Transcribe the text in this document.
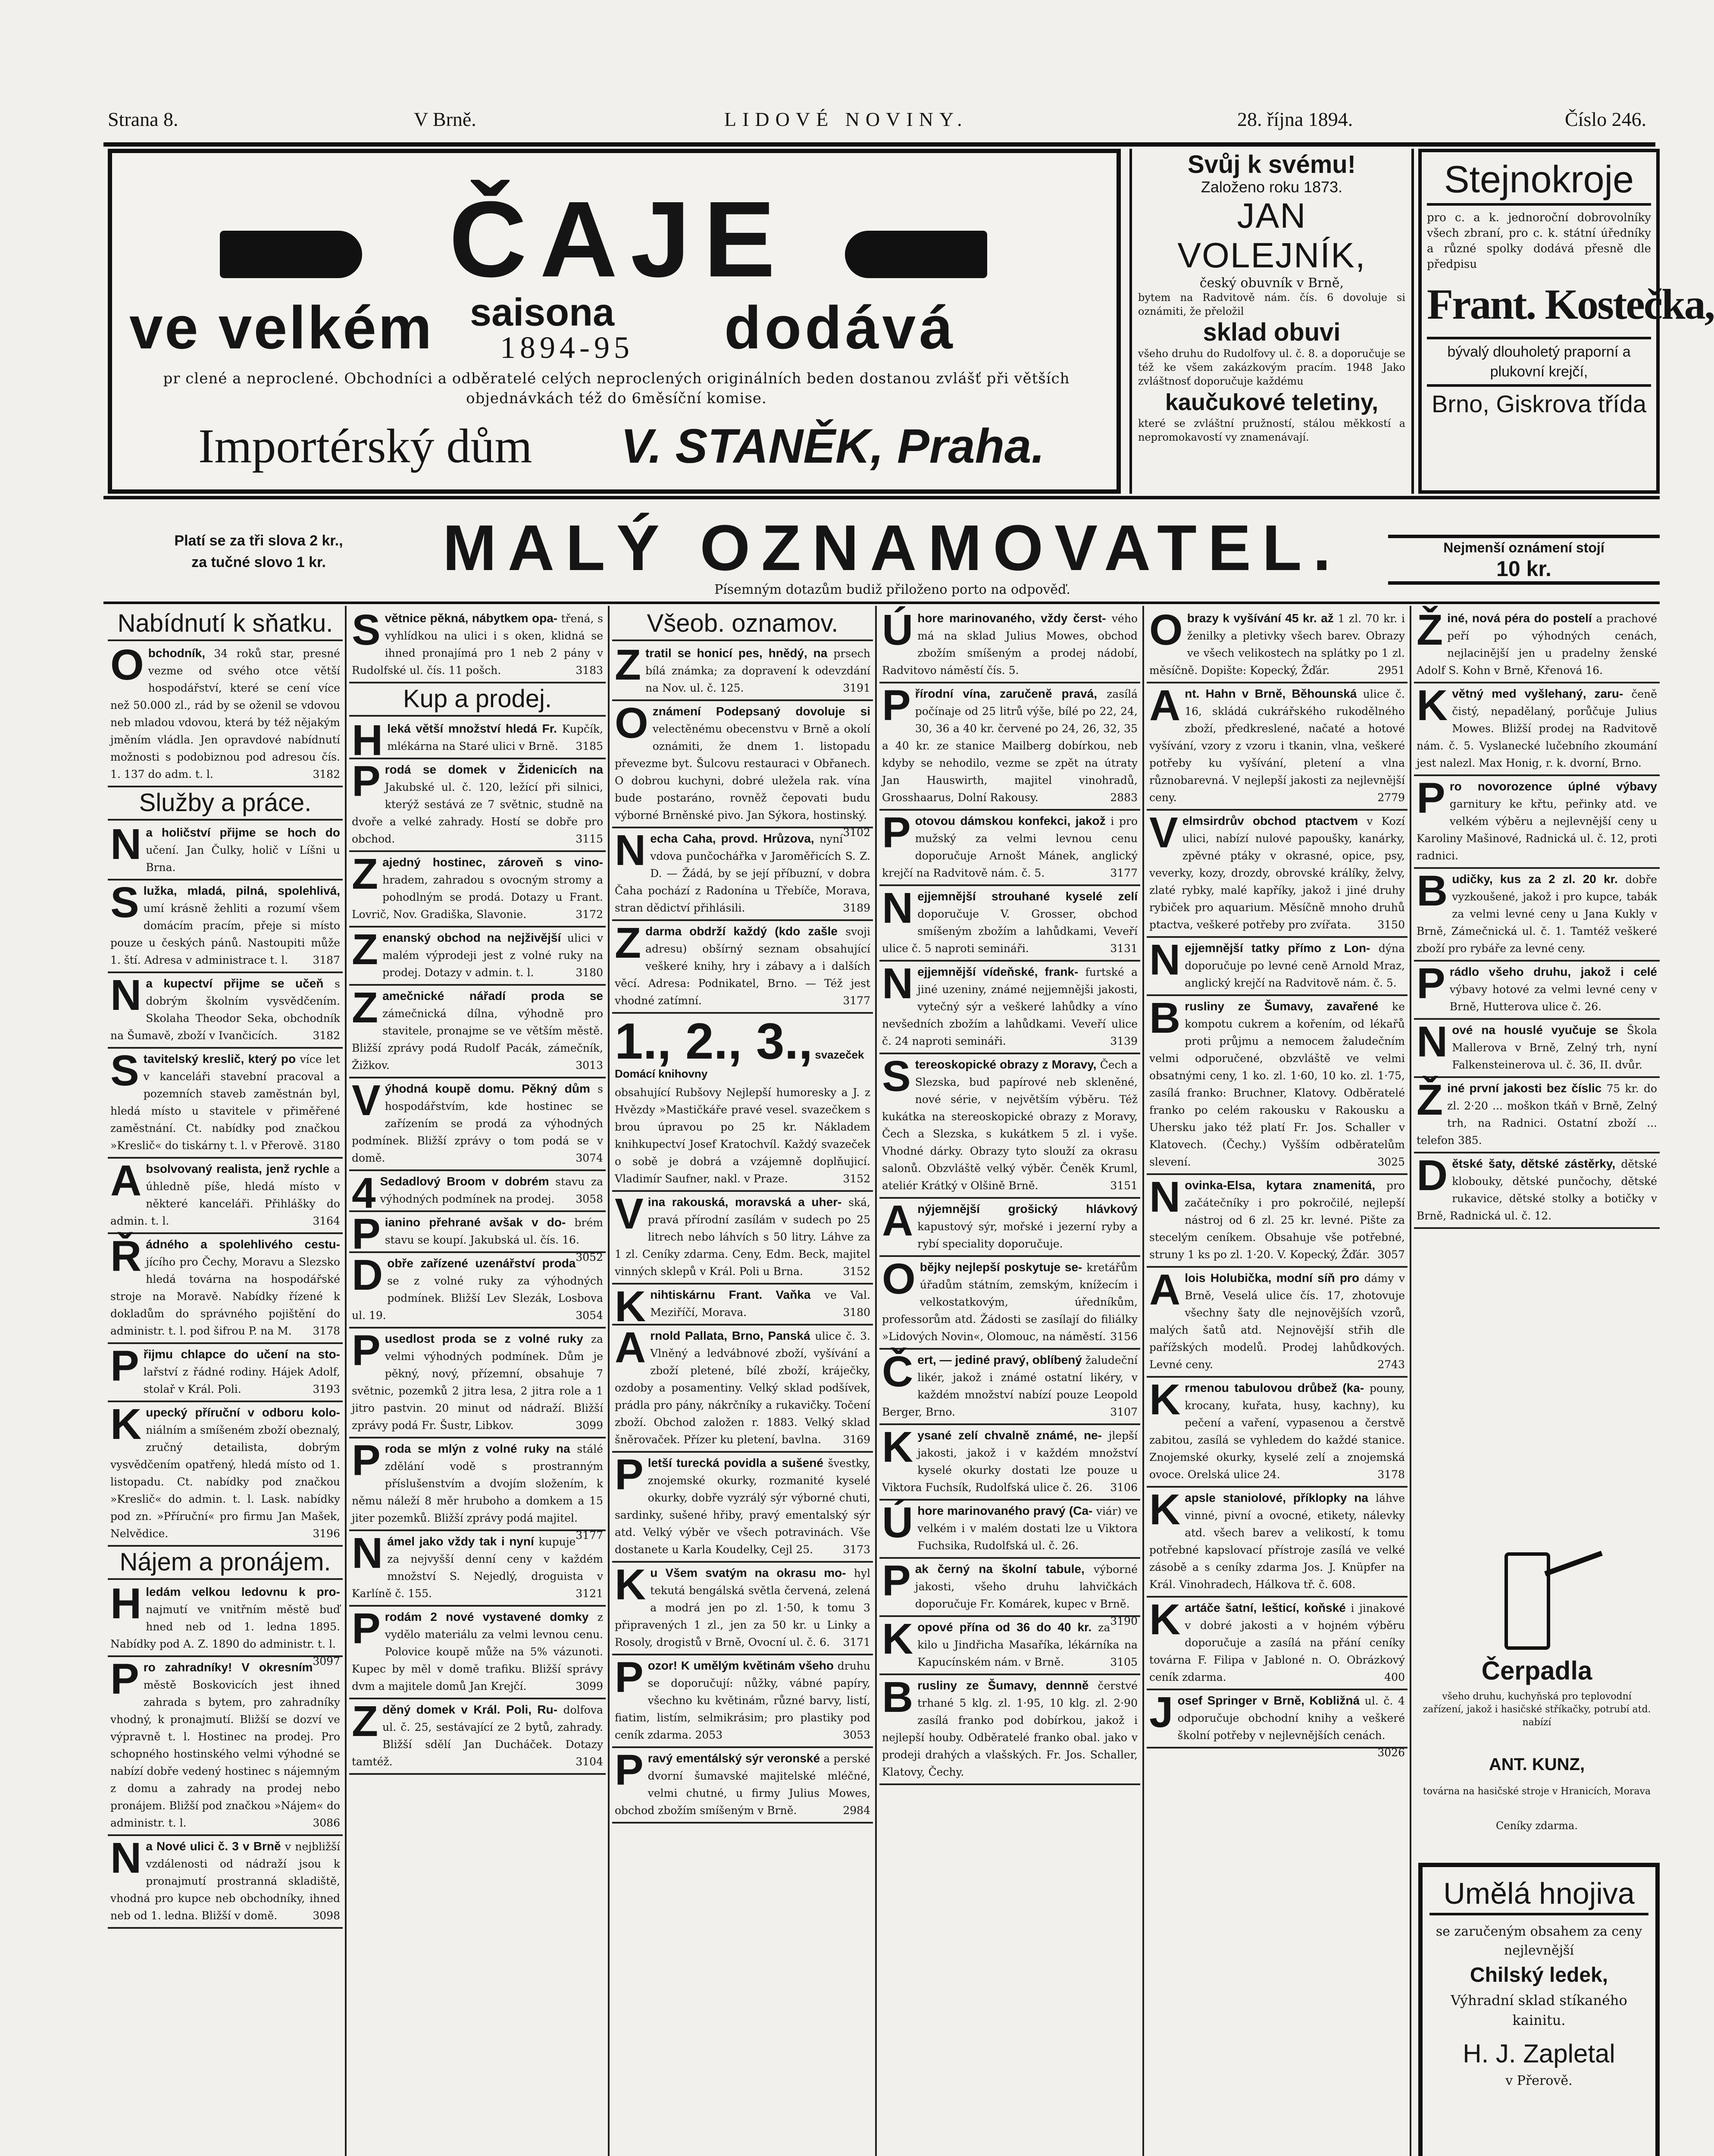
Strana 8.	V Brně.	LIDOVÉ NOVINY.	28. října 1894.	Číslo 246.
ČAJE
ve velkém saisona
1894-95	dodává
pr clené a neproclené. Obchodníci a odběratelé celých neproclených originálních beden dostanou zvlášť při větších objednávkách též do 6měsíční komise.
Importérský dům	V. STANĚK, Praha.
Svůj k svému!
Založeno roku 1873.
JAN VOLEJNÍK,
český obuvník v Brně,
bytem na Radvitově nám. čís. 6 dovoluje si oznámiti, že přeložil
sklad obuvi
všeho druhu do Rudolfovy ul. č. 8. a doporučuje se též ke všem zakázkovým pracím. 1948 Jako zvláštnosť doporučuje každému
kaučukové teletiny,
které se zvláštní pružností, stálou měkkostí a nepromokavostí vy znamenávají.
Stejnokroje
pro c. a k. jednoroční dobrovolníky všech zbraní, pro c. k. státní úředníky a různé spolky dodává přesně dle předpisu
Frant. Kostečka,
bývalý dlouholetý praporní a plukovní krejčí,
Brno, Giskrova třída
Platí se za tři slova 2 kr.,
za tučné slovo 1 kr.	MALÝ OZNAMOVATEL.	Nejmenší oznámení stojí
10 kr.
Písemným dotazům budiž přiloženo porto na odpověď.
Nabídnutí k sňatku.
Obchodník, 34 roků star, presné vezme od svého otce větší hospodářství, které se cení více než 50.000 zl., rád by se oženil se vdovou neb mladou vdovou, která by též nějakým jměním vládla. Jen opravdové nabídnutí možnosti s podobiznou pod adresou čís. 1. 137 do adm. t. l.	3182
Služby a práce.
Na holičství přijme se hoch do učení. Jan Čulky, holič v Líšni u Brna.
Služka, mladá, pilná, spolehlivá, umí krásně žehliti a rozumí všem domácím pracím, přeje si místo pouze u českých pánů. Nastoupiti může 1. ští. Adresa v administrace t. l. 3187
Na kupectví přijme se učeň s dobrým školním vysvědčením. Skolaha Theodor Seka, obchodník na Šumavě, zboží v Ivančicích.	3182
Stavitelský kreslič, který po více let v kanceláři stavební pracoval a pozemních staveb zaměstnán byl, hledá místo u stavitele v přiměřené zaměstnání. Ct. nabídky pod značkou »Kreslič« do tiskárny t. l. v Přerově. 3180
Absolvovaný realista, jenž rychle a úhledně píše, hledá místo v některé kanceláři. Přihlášky do admin. t. l.	3164
Řádného a spolehlivého cestu- jícího pro Čechy, Moravu a Slezsko hledá továrna na hospodářské stroje na Moravě. Nabídky řízené k dokladům do správného pojištění do administr. t. l. pod šifrou P. na M. 3178
Přijmu chlapce do učení na sto- lařství z řádné rodiny. Hájek Adolf, stolař v Král. Poli.	3193
Kupecký příruční v odboru kolo- niálním a smíšeném zboží obeznalý, zručný detailista, dobrým vysvědčením opatřený, hledá místo od 1. listopadu. Ct. nabídky pod značkou »Kreslič« do admin. t. l. Lask. nabídky pod zn. »Příruční« pro firmu Jan Mašek, Nelvědice.	3196
Nájem a pronájem.
Hledám velkou ledovnu k pro- najmutí ve vnitřním městě buď hned neb od 1. ledna 1895. Nabídky pod A. Z. 1890 do administr. t. l.
3097
Pro zahradníky! V okresním městě Boskovicích jest ihned zahrada s bytem, pro zahradníky vhodný, k pronajmutí. Bližší se dozví ve výpravně t. l. Hostinec na prodej. Pro schopného hostinského velmi výhodné se nabízí dobře vedený hostinec s nájemným z domu a zahrady na prodej nebo pronájem. Bližší pod značkou »Nájem« do administr. t. l.	3086
Na Nové ulici č. 3 v Brně v nejbližší vzdálenosti od nádraží jsou k pronajmutí prostranná skladiště, vhodná pro kupce neb obchodníky, ihned neb od 1. ledna. Bližší v domě.	3098
Světnice pěkná, nábytkem opa- třená, s vyhlídkou na ulici i s oken, klidná se ihned pronajímá pro 1 neb 2 pány v Rudolfské ul. čís. 11 pošch.	3183
Kup a prodej.
Hleká větší množství hledá Fr. Kupčík, mlékárna na Staré ulici v Brně. 3185
Prodá se domek v Židenicích na Jakubské ul. č. 120, ležící při silnici, kterýž sestává ze 7 světnic, studně na dvoře a velké zahrady. Hostí se dobře pro obchod.	3115
Zajedný hostinec, zároveň s vino- hradem, zahradou s ovocným stromy a pohodlným se prodá. Dotazy u Frant. Lovrič, Nov. Gradiška, Slavonie.	3172
Zenanský obchod na nejživější ulici v malém výprodeji jest z volné ruky na prodej. Dotazy v admin. t. l.	3180
Zamečnické nářadí proda se zámečnická dílna, výhodně pro stavitele, pronajme se ve větším městě. Bližší zprávy podá Rudolf Pacák, zámečník, Žižkov.	3013
Výhodná koupě domu. Pěkný dům s hospodářstvím, kde hostinec se zařízením se prodá za výhodných podmínek. Bližší zprávy o tom podá se v domě.	3074
4 Sedadlový Broom v dobrém stavu za výhodných podmínek na prodej. 3058
Pianino přehrané avšak v do- brém stavu se koupí. Jakubská ul. čís. 16.
3052
Dobře zařízené uzenářství proda se z volné ruky za výhodných podmínek. Bližší Lev Slezák, Losbova ul. 19.	3054
Pusedlost proda se z volné ruky za velmi výhodných podmínek. Dům je pěkný, nový, přízemní, obsahuje 7 světnic, pozemků 2 jitra lesa, 2 jitra role a 1 jitro pastvin. 20 minut od nádraží. Bližší zprávy podá Fr. Šustr, Libkov.	3099
Proda se mlýn z volné ruky na stálé zdělání vodě s prostranným příslušenstvím a dvojím složením, k němu náleží 8 měr hruboho a domkem a 15 jiter pozemků. Bližší zprávy podá majitel.
3177
Námel jako vždy tak i nyní kupuje za nejvyšší denní ceny v každém množství S. Nejedlý, droguista v Karlíně č. 155.	3121
Prodám 2 nové vystavené domky z vydělo materiálu za velmi levnou cenu. Polovice koupě může na 5% vázunoti. Kupec by měl v domě trafiku. Bližší správy dvm a majitele domů Jan Krejčí.	3099
Zděný domek v Král. Poli, Ru- dolfova ul. č. 25, sestávající ze 2 bytů, zahrady. Bližší sdělí Jan Ducháček. Dotazy tamtéž.	3104
Všeob. oznamov.
Ztratil se honicí pes, hnědý, na prsech bílá známka; za dopravení k odevzdání na Nov. ul. č. 125.	3191
Oznámení Podepsaný dovoluje si velectěnému obecenstvu v Brně a okolí oznámiti, že dnem 1. listopadu převezme byt. Šulcovu restauraci v Obřanech. O dobrou kuchyni, dobré uležela rak. vína bude postaráno, rovněž čepovati budu výborné Brněnské pivo. Jan Sýkora, hostinský.
3102
Necha Caha, provd. Hrůzova, nyní vdova punčochářka v Jaroměřicích S. Z. D. — Žádá, by se její příbuzní, v dobra Čaha pochází z Radonína u Třebíče, Morava, stran dědictví přihlásili.	3189
Zdarma obdrží každý (kdo zašle svoji adresu) obšírný seznam obsahující veškeré knihy, hry i zábavy a i dalších věcí. Adresa: Podnikatel, Brno. — Též jest vhodné zatímní.	3177
1., 2., 3., svazeček Domácí knihovny
obsahující Rubšovy Nejlepší humoresky a J. z Hvězdy »Mastičkáře pravé vesel. svazečkem s brou úpravou po 25 kr. Nákladem knihkupectví Josef Kratochvíl. Každý svazeček o sobě je dobrá a vzájemně doplňujicí. Vladimír Saufner, nakl. v Praze.	3152
Vina rakouská, moravská a uher- ská, pravá přírodní zasílám v sudech po 25 litrech nebo láhvích s 50 litry. Láhve za 1 zl. Ceníky zdarma. Ceny, Edm. Beck, majitel vinných sklepů v Král. Poli u Brna.	3152
Knihtiskárnu Frant. Vaňka ve Val. Meziříčí, Morava.	3180
Arnold Pallata, Brno, Panská ulice č. 3. Vlněný a ledvábnové zboží, vyšívání a zboží pletené, bílé zboží, kráječky, ozdoby a posamentiny. Velký sklad podšívek, prádla pro pány, nákrčníky a rukavičky. Točení zboží. Obchod založen r. 1883. Velký sklad šněrovaček. Přízer ku pletení, bavlna. 3169
Pletší turecká povidla a sušené švestky, znojemské okurky, rozmanité kyselé okurky, dobře vyzrálý sýr výborné chuti, sardinky, sušené hřiby, pravý ementalský sýr atd. Velký výběr ve všech potravinách. Vše dostanete u Karla Koudelky, Cejl 25.	3173
Ku Všem svatým na okrasu mo- hyl tekutá bengálská světla červená, zelená a modrá jen po zl. 1·50, k tomu 3 připravených 1 zl., jen za 50 kr. u Linky a Rosoly, drogistů v Brně, Ovocní ul. č. 6. 3171
Pozor! K umělým květinám všeho druhu se doporučují: nůžky, vábné papíry, všechno ku květinám, různé barvy, listí, fiatim, listím, selmikrásim; pro plastiky pod ceník zdarma. 2053	3053
Pravý ementálský sýr veronské a perské dvorní šumavské majitelské mléčné, velmi chutné, u firmy Julius Mowes, obchod zbožím smíšeným v Brně.	2984
Úhore marinovaného, vždy čerst- vého má na sklad Julius Mowes, obchod zbožím smíšeným a prodej nádobí, Radvitovo náměstí čís. 5.
Přírodní vína, zaručeně pravá, zasílá počínaje od 25 litrů výše, bílé po 22, 24, 30, 36 a 40 kr. červené po 24, 26, 32, 35 a 40 kr. ze stanice Mailberg dobírkou, neb kdyby se nehodilo, vezme se zpět na útraty Jan Hauswirth, majitel vinohradů, Grosshaarus, Dolní Rakousy.	2883
Potovou dámskou konfekci, jakož i pro mužský za velmi levnou cenu doporučuje Arnošt Mánek, anglický krejčí na Radvitově nám. č. 5.	3177
Nejjemnější strouhané kyselé zelí doporučuje V. Grosser, obchod smíšeným zbožím a lahůdkami, Veveří ulice č. 5 naproti semináři.	3131
Nejjemnější vídeňské, frank- furtské a jiné uzeniny, známé nejjemnějši jakosti, vytečný sýr a veškeré lahůdky a víno nevšedních zbožím a lahůdkami. Veveří ulice č. 24 naproti semináři.	3139
Stereoskopické obrazy z Moravy, Čech a Slezska, bud papírové neb skleněné, nové série, v největším výběru. Též kukátka na stereoskopické obrazy z Moravy, Čech a Slezska, s kukátkem 5 zl. i vyše. Vhodné dárky. Obrazy tyto slouží za okrasu salonů. Obzvláště velký výběr. Čeněk Kruml, ateliér Krátký v Olšině Brně.	3151
Anýjemnější grošický hlávkový kapustový sýr, mořské i jezerní ryby a rybí speciality doporučuje.
Obějky nejlepší poskytuje se- kretářům úřadům státním, zemským, knížecím i velkostatkovým, úředníkům, professorům atd. Žádosti se zasílají do filiálky »Lidových Novin«, Olomouc, na náměstí. 3156
Čert, — jediné pravý, oblíbený žaludeční likér, jakož i známé ostatní likéry, v každém množství nabízí pouze Leopold Berger, Brno.	3107
Kysané zelí chvalně známé, ne- jlepší jakosti, jakož i v každém množství kyselé okurky dostati lze pouze u Viktora Fuchsík, Rudolfská ulice č. 26. 3106
Úhore marinovaného pravý (Ca- viár) ve velkém i v malém dostati lze u Viktora Fuchsika, Rudolfská ul. č. 26.
Pak černý na školní tabule, výborné jakosti, všeho druhu lahvičkách doporučuje Fr. Komárek, kupec v Brně.
3190
Kopové přína od 36 do 40 kr. za kilo u Jindřicha Masaříka, lékárníka na Kapucínském nám. v Brně.	3105
Brusliny ze Šumavy, dennně čerstvé trhané 5 klg. zl. 1·95, 10 klg. zl. 2·90 zasílá franko pod dobírkou, jakož i nejlepší houby. Odběratelé franko obal. jako v prodeji drahých a vlašských. Fr. Jos. Schaller, Klatovy, Čechy.
Obrazy k vyšívání 45 kr. až 1 zl. 70 kr. i ženilky a pletivky všech barev. Obrazy ve všech velikostech na splátky po 1 zl. měsíčně. Dopište: Kopecký, Žďár.	2951
Ant. Hahn v Brně, Běhounská ulice č. 16, skládá cukrářského rukodělného zboží, předkreslené, načaté a hotové vyšívání, vzory z vzoru i tkanin, vlna, veškeré potřeby ku vyšívání, pletení a vlna různobarevná. V nejlepší jakosti za nejlevnější ceny.	2779
Velmsirdrův obchod ptactvem v Kozí ulici, nabízí nulové papoušky, kanárky, zpěvné ptáky v okrasné, opice, psy, veverky, kozy, drozdy, obrovské králíky, želvy, zlaté rybky, malé kapříky, jakož i jiné druhy rybiček pro aquarium. Měsíčně mnoho druhů ptactva, veškeré potřeby pro zvířata. 3150
Nejjemnější tatky přímo z Lon- dýna doporučuje po levné ceně Arnold Mraz, anglický krejčí na Radvitově nám. č. 5.
Brusliny ze Šumavy, zavařené ke kompotu cukrem a kořením, od lékařů proti průjmu a nemocem žaludečním velmi odporučené, obzvláště ve velmi obsatnými ceny, 1 ko. zl. 1·60, 10 ko. zl. 1·75, zasílá franko: Bruchner, Klatovy. Odběratelé franko po celém rakousku v Rakousku a Uhersku jako též platí Fr. Jos. Schaller v Klatovech. (Čechy.) Vyšším odběratelům slevení.	3025
Novinka-Elsa, kytara znamenitá, pro začátečníky i pro pokročilé, nejlepší nástroj od 6 zl. 25 kr. levné. Pište za stecelým ceníkem. Obsahuje vše potřebné, struny 1 ks po zl. 1·20. V. Kopecký, Žďár. 3057
Alois Holubička, modní síň pro dámy v Brně, Veselá ulice čís. 17, zhotovuje všechny šaty dle nejnovějších vzorů, malých šatů atd. Nejnovější střih dle pařížských modelů. Prodej lahůdkových. Levné ceny.	2743
Krmenou tabulovou drůbež (ka- pouny, krocany, kuřata, husy, kachny), ku pečení a vaření, vypasenou a čerstvě zabitou, zasílá se vyhledem do každé stanice. Znojemské okurky, kyselé zelí a znojemská ovoce. Orelská ulice 24.	3178
Kapsle staniolové, příklopky na láhve vinné, pivní a ovocné, etikety, nálevky atd. všech barev a velikostí, k tomu potřebné kapslovací přístroje zasílá ve velké zásobě a s ceníky zdarma Jos. J. Knüpfer na Král. Vinohradech, Hálkova tř. č. 608.
Kartáče šatní, lešticí, koňské i jinakové v dobré jakosti a v hojném výběru doporučuje a zasílá na přání ceníky továrna F. Filipa v Jabloné n. O. Obrázkový ceník zdarma.	400
Josef Springer v Brně, Kobližná ul. č. 4 odporučuje obchodní knihy a veškeré školní potřeby v nejlevnějších cenách.
3026
Žiné, nová péra do postelí a prachové peří po výhodných cenách, nejlacinější jen u pradelny ženské Adolf S. Kohn v Brně, Křenová 16.
Květný med vyšlehaný, zaru- čeně čistý, nepadělaný, porůčuje Julius Mowes. Bližší prodej na Radvitově nám. č. 5. Vyslanecké lučebního zkoumání jest nalezl. Max Honig, r. k. dvorní, Brno.
Pro novorozence úplné výbavy garnitury ke křtu, peřinky atd. ve velkém výběru a nejlevnější ceny u Karoliny Mašinové, Radnická ul. č. 12, proti radnici.
Budičky, kus za 2 zl. 20 kr. dobře vyzkoušené, jakož i pro kupce, tabák za velmi levné ceny u Jana Kukly v Brně, Zámečnická ul. č. 1. Tamtéž veškeré zboží pro rybáře za levné ceny.
Prádlo všeho druhu, jakož i celé výbavy hotové za velmi levné ceny v Brně, Hutterova ulice č. 26.
Nové na houslé vyučuje se Škola Mallerova v Brně, Zelný trh, nyní Falkensteinerova ul. č. 36, II. dvůr.
Žiné první jakosti bez číslic 75 kr. do zl. 2·20 ... moškon tkáň v Brně, Zelný trh, na Radnici. Ostatní zboží ... telefon 385.
Dětské šaty, dětské zástěrky, dětské klobouky, dětské punčochy, dětské rukavice, dětské stolky a botičky v Brně, Radnická ul. č. 12.
Čerpadla
všeho druhu, kuchyňská pro teplovodní zařízení, jakož i hasičské stříkačky, potrubí atd. nabízí
ANT. KUNZ,
továrna na hasičské stroje v Hranicích, Morava
Ceníky zdarma.
Umělá hnojiva
se zaručeným obsahem za ceny nejlevnější
Chilský ledek,
Výhradní sklad stíkaného kainitu.
H. J. Zapletal
v Přerově.
